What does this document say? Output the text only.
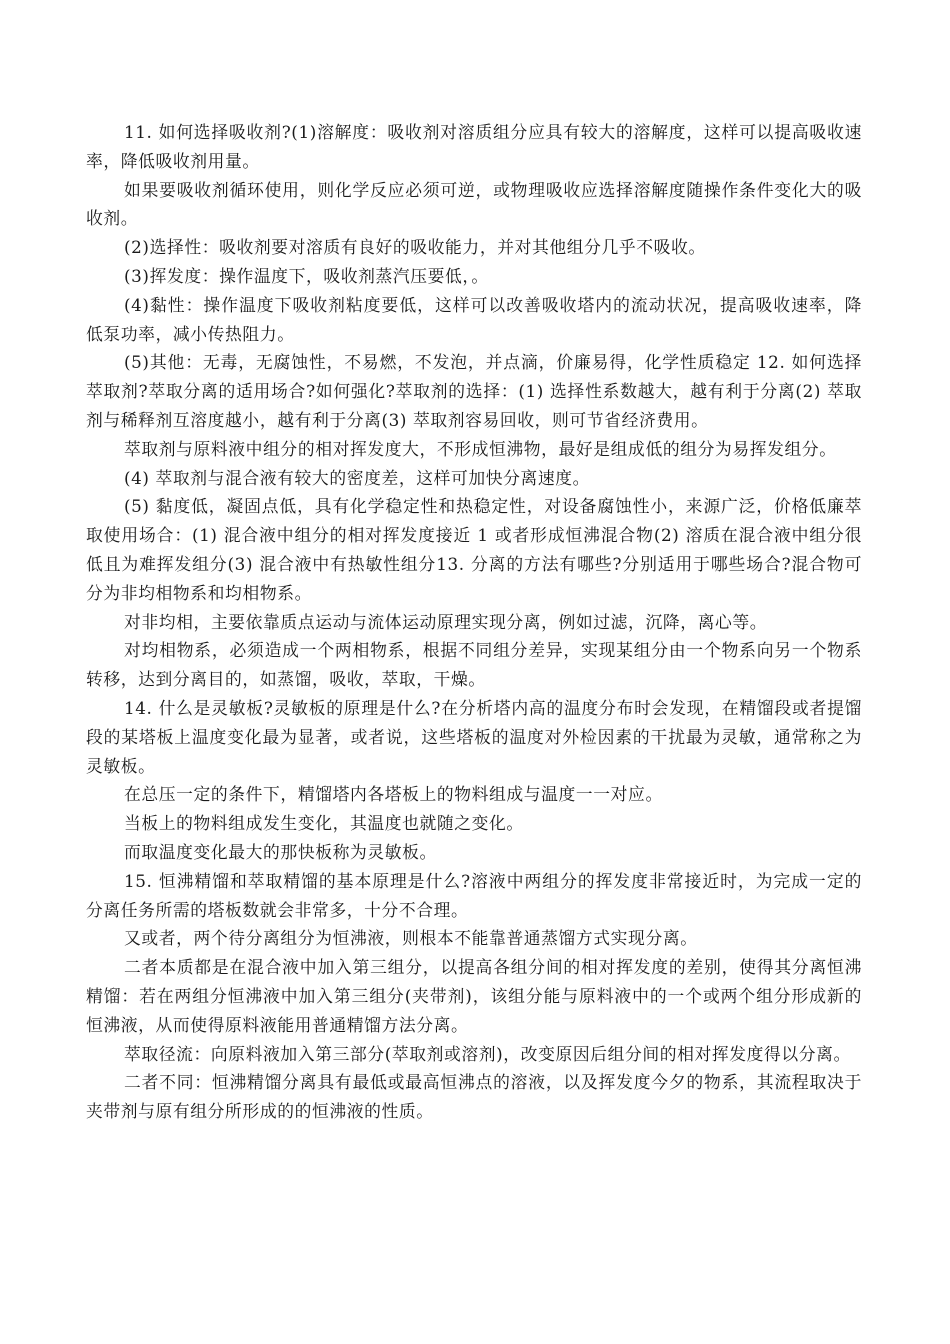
11. 如何选择吸收剂?(1)溶解度：吸收剂对溶质组分应具有较大的溶解度，这样可以提高吸收速率，降低吸收剂用量。

如果要吸收剂循环使用，则化学反应必须可逆，或物理吸收应选择溶解度随操作条件变化大的吸收剂。

(2)选择性：吸收剂要对溶质有良好的吸收能力，并对其他组分几乎不吸收。

(3)挥发度：操作温度下，吸收剂蒸汽压要低，。

(4)黏性：操作温度下吸收剂粘度要低，这样可以改善吸收塔内的流动状况，提高吸收速率，降低泵功率，减小传热阻力。

(5)其他：无毒，无腐蚀性，不易燃，不发泡，并点滴，价廉易得，化学性质稳定 12. 如何选择萃取剂?萃取分离的适用场合?如何强化?萃取剂的选择：(1) 选择性系数越大，越有利于分离(2) 萃取剂与稀释剂互溶度越小，越有利于分离(3) 萃取剂容易回收，则可节省经济费用。

萃取剂与原料液中组分的相对挥发度大，不形成恒沸物，最好是组成低的组分为易挥发组分。

(4) 萃取剂与混合液有较大的密度差，这样可加快分离速度。

(5) 黏度低，凝固点低，具有化学稳定性和热稳定性，对设备腐蚀性小，来源广泛，价格低廉萃取使用场合：(1) 混合液中组分的相对挥发度接近 1 或者形成恒沸混合物(2) 溶质在混合液中组分很低且为难挥发组分(3) 混合液中有热敏性组分13. 分离的方法有哪些?分别适用于哪些场合?混合物可分为非均相物系和均相物系。

对非均相，主要依靠质点运动与流体运动原理实现分离，例如过滤，沉降，离心等。

对均相物系，必须造成一个两相物系，根据不同组分差异，实现某组分由一个物系向另一个物系转移，达到分离目的，如蒸馏，吸收，萃取，干燥。

14. 什么是灵敏板?灵敏板的原理是什么?在分析塔内高的温度分布时会发现，在精馏段或者提馏段的某塔板上温度变化最为显著，或者说，这些塔板的温度对外检因素的干扰最为灵敏，通常称之为灵敏板。

在总压一定的条件下，精馏塔内各塔板上的物料组成与温度一一对应。

当板上的物料组成发生变化，其温度也就随之变化。

而取温度变化最大的那快板称为灵敏板。

15. 恒沸精馏和萃取精馏的基本原理是什么?溶液中两组分的挥发度非常接近时，为完成一定的分离任务所需的塔板数就会非常多，十分不合理。

又或者，两个待分离组分为恒沸液，则根本不能靠普通蒸馏方式实现分离。

二者本质都是在混合液中加入第三组分，以提高各组分间的相对挥发度的差别，使得其分离恒沸精馏：若在两组分恒沸液中加入第三组分(夹带剂)，该组分能与原料液中的一个或两个组分形成新的恒沸液，从而使得原料液能用普通精馏方法分离。

萃取径流：向原料液加入第三部分(萃取剂或溶剂)，改变原因后组分间的相对挥发度得以分离。

二者不同：恒沸精馏分离具有最低或最高恒沸点的溶液，以及挥发度今夕的物系，其流程取决于夹带剂与原有组分所形成的的恒沸液的性质。
